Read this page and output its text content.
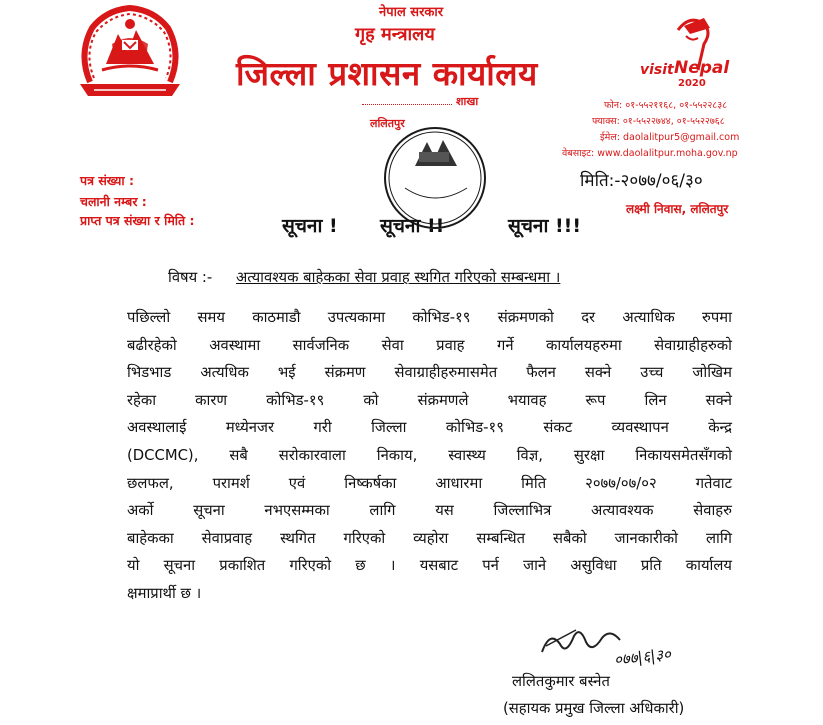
नेपाल सरकार
गृह मन्त्रालय
जिल्ला प्रशासन कार्यालय
शाखा
ललितपुर
visit Nepal
2020
फोन: ०१-५५२११६८, ०१-५५२२८३८
फ्याक्स: ०१-५५२२७४४, ०१-५५२२७६८
ईमेल: daolalitpur5@gmail.com
वेबसाइट: www.daolalitpur.moha.gov.np
पत्र संख्या :
चलानी नम्बर :
प्राप्त पत्र संख्या र मिति :
मिति:-२०७७/०६/३०
लक्ष्मी निवास, ललितपुर
सूचना ! सूचना !!	सूचना !!!
विषय :- अत्यावश्यक बाहेकका सेवा प्रवाह स्थगित गरिएको सम्बन्धमा ।
पछिल्लो समय काठमाडौ उपत्यकामा कोभिड-१९ संक्रमणको दर अत्याधिक रुपमा
बढीरहेको अवस्थामा सार्वजनिक सेवा प्रवाह गर्ने कार्यालयहरुमा सेवाग्राहीहरुको
भिडभाड अत्यधिक भई संक्रमण सेवाग्राहीहरुमासमेत फैलन सक्ने उच्च जोखिम
रहेका कारण कोभिड-१९ को संक्रमणले भयावह रूप लिन सक्ने
अवस्थालाई मध्येनजर गरी जिल्ला कोभिड-१९ संकट व्यवस्थापन केन्द्र
(DCCMC), सबै सरोकारवाला निकाय, स्वास्थ्य विज्ञ, सुरक्षा निकायसमेतसँगको
छलफल, परामर्श एवं निष्कर्षका आधारमा मिति २०७७/०७/०२ गतेवाट
अर्को सूचना नभएसम्मका लागि यस जिल्लाभित्र अत्यावश्यक सेवाहरु
बाहेकका सेवाप्रवाह स्थगित गरिएको व्यहोरा सम्बन्धित सबैको जानकारीको लागि
यो सूचना प्रकाशित गरिएको छ । यसबाट पर्न जाने असुविधा प्रति कार्यालय
क्षमाप्रार्थी छ ।
०७७|६|३०
ललितकुमार बस्नेत
(सहायक प्रमुख जिल्ला अधिकारी)
